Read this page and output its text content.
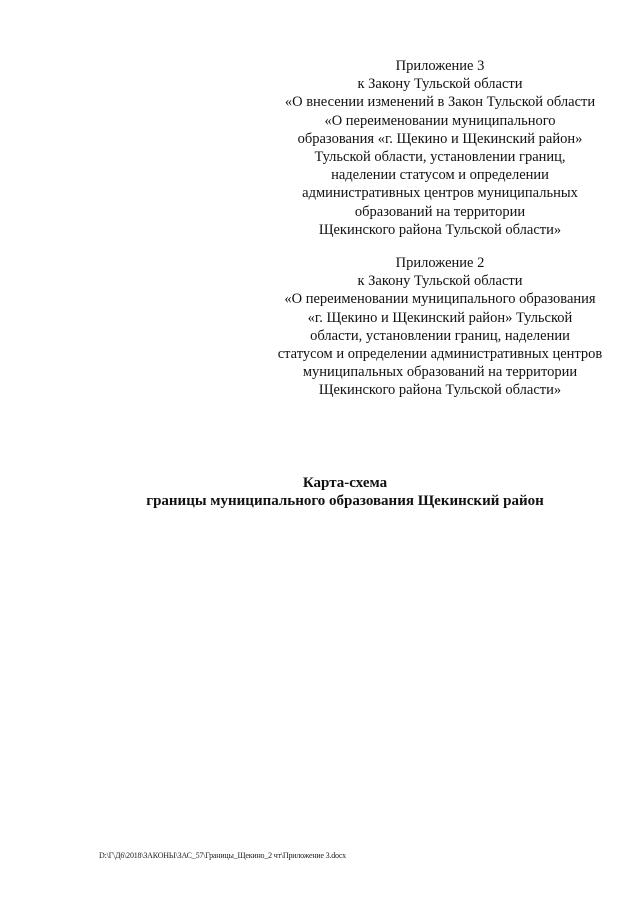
Приложение 3
к Закону Тульской области
«О внесении изменений в Закон Тульской области
«О переименовании муниципального
образования «г. Щекино и Щекинский район»
Тульской области, установлении границ,
наделении статусом и определении
административных центров муниципальных
образований на территории
Щекинского района Тульской области»
Приложение 2
к Закону Тульской области
«О переименовании муниципального образования
«г. Щекино и Щекинский район» Тульской
области, установлении границ, наделении
статусом и определении административных центров
муниципальных образований на территории
Щекинского района Тульской области»
Карта-схема
границы муниципального образования Щекинский район
D:\Г\Д6\2018\ЗАКОНЫ\ЗАС_57\Границы_Щекино_2 чт\Приложение 3.docx
